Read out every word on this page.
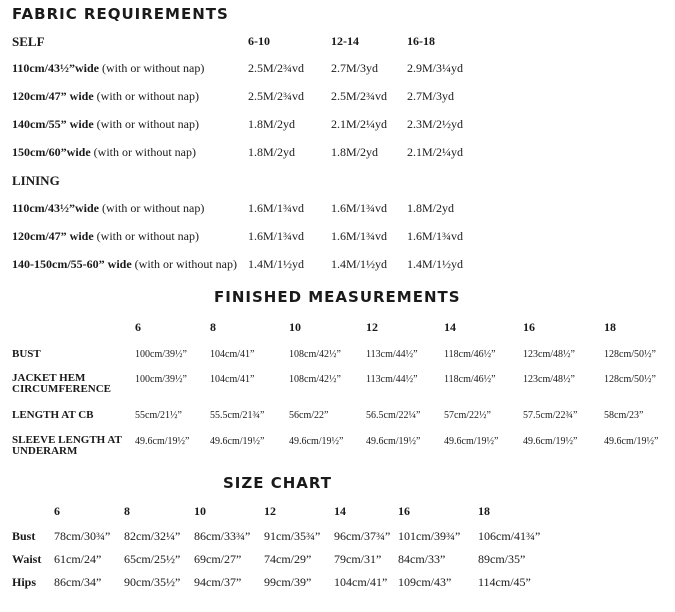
FABRIC REQUIREMENTS
SELF	6-10	12-14	16-18
110cm/43½”wide (with or without nap)	2.5M/2¾vd 2.7M/3yd 2.9M/3¼yd
120cm/47” wide (with or without nap)	2.5M/2¾vd 2.5M/2¾vd 2.7M/3yd
140cm/55” wide (with or without nap)	1.8M/2yd	2.1M/2¼yd 2.3M/2½yd
150cm/60”wide (with or without nap)	1.8M/2yd	1.8M/2yd 2.1M/2¼yd
LINING
110cm/43½”wide (with or without nap)	1.6M/1¾vd 1.6M/1¾vd 1.8M/2yd
120cm/47” wide (with or without nap)	1.6M/1¾vd 1.6M/1¾vd 1.6M/1¾vd
140-150cm/55-60” wide (with or without nap) 1.4M/1½yd 1.4M/1½yd 1.4M/1½yd
FINISHED MEASUREMENTS
6	8	10	12	14	16	18
BUST	100cm/39½” 104cm/41”	108cm/42½”	113cm/44½”	118cm/46½”	123cm/48½”	128cm/50½”
JACKET HEM CIRCUMFERENCE
100cm/39½” 104cm/41”	108cm/42½”	113cm/44½”	118cm/46½”	123cm/48½”	128cm/50½”
LENGTH AT CB	55cm/21½”	55.5cm/21¾” 56cm/22”	56.5cm/22¼” 57cm/22½”	57.5cm/22¾”	58cm/23”
SLEEVE LENGTH AT UNDERARM
49.6cm/19½” 49.6cm/19½” 49.6cm/19½” 49.6cm/19½” 49.6cm/19½” 49.6cm/19½”	49.6cm/19½”
SIZE CHART
6	8	10	12	14	16	18
Bust 78cm/30¾” 82cm/32¼” 86cm/33¾” 91cm/35¾” 96cm/37¾” 101cm/39¾” 106cm/41¾”
Waist 61cm/24” 65cm/25½” 69cm/27” 74cm/29” 79cm/31” 84cm/33”	89cm/35”
Hips 86cm/34” 90cm/35½” 94cm/37” 99cm/39” 104cm/41” 109cm/43” 114cm/45”
